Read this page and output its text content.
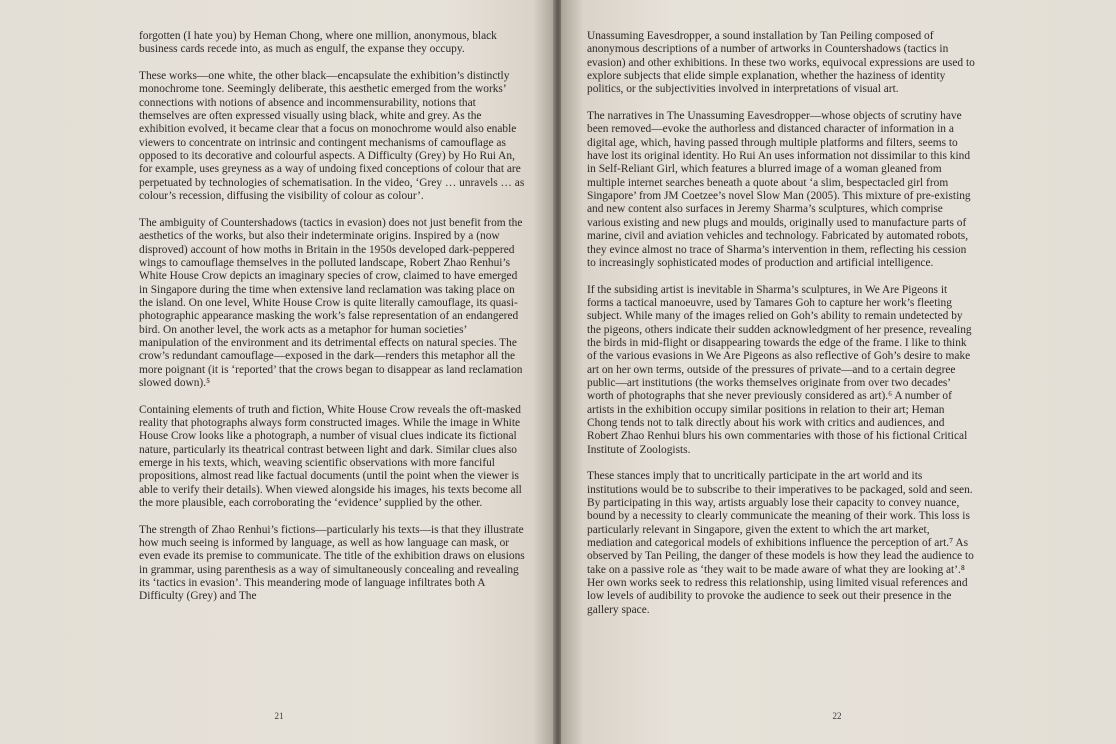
forgotten (I hate you) by Heman Chong, where one million, anonymous, black business cards recede into, as much as engulf, the expanse they occupy.

These works—one white, the other black—encapsulate the exhibition’s distinctly monochrome tone. Seemingly deliberate, this aesthetic emerged from the works’ connections with notions of absence and incommensurability, notions that themselves are often expressed visually using black, white and grey. As the exhibition evolved, it became clear that a focus on monochrome would also enable viewers to concentrate on intrinsic and contingent mechanisms of camouflage as opposed to its decorative and colourful aspects. A Difficulty (Grey) by Ho Rui An, for example, uses greyness as a way of undoing fixed conceptions of colour that are perpetuated by technologies of schematisation. In the video, ‘Grey … unravels … as colour’s recession, diffusing the visibility of colour as colour’.

The ambiguity of Countershadows (tactics in evasion) does not just benefit from the aesthetics of the works, but also their indeterminate origins. Inspired by a (now disproved) account of how moths in Britain in the 1950s developed dark-peppered wings to camouflage themselves in the polluted landscape, Robert Zhao Renhui’s White House Crow depicts an imaginary species of crow, claimed to have emerged in Singapore during the time when extensive land reclamation was taking place on the island. On one level, White House Crow is quite literally camouflage, its quasi-photographic appearance masking the work’s false representation of an endangered bird. On another level, the work acts as a metaphor for human societies’ manipulation of the environment and its detrimental effects on natural species. The crow’s redundant camouflage—exposed in the dark—renders this metaphor all the more poignant (it is ‘reported’ that the crows began to disappear as land reclamation slowed down).⁵

Containing elements of truth and fiction, White House Crow reveals the oft-masked reality that photographs always form constructed images. While the image in White House Crow looks like a photograph, a number of visual clues indicate its fictional nature, particularly its theatrical contrast between light and dark. Similar clues also emerge in his texts, which, weaving scientific observations with more fanciful propositions, almost read like factual documents (until the point when the viewer is able to verify their details). When viewed alongside his images, his texts become all the more plausible, each corroborating the ‘evidence’ supplied by the other.

The strength of Zhao Renhui’s fictions—particularly his texts—is that they illustrate how much seeing is informed by language, as well as how language can mask, or even evade its premise to communicate. The title of the exhibition draws on elusions in grammar, using parenthesis as a way of simultaneously concealing and revealing its ‘tactics in evasion’. This meandering mode of language infiltrates both A Difficulty (Grey) and The

21

Unassuming Eavesdropper, a sound installation by Tan Peiling composed of anonymous descriptions of a number of artworks in Countershadows (tactics in evasion) and other exhibitions. In these two works, equivocal expressions are used to explore subjects that elide simple explanation, whether the haziness of identity politics, or the subjectivities involved in interpretations of visual art.

The narratives in The Unassuming Eavesdropper—whose objects of scrutiny have been removed—evoke the authorless and distanced character of information in a digital age, which, having passed through multiple platforms and filters, seems to have lost its original identity. Ho Rui An uses information not dissimilar to this kind in Self-Reliant Girl, which features a blurred image of a woman gleaned from multiple internet searches beneath a quote about ‘a slim, bespectacled girl from Singapore’ from JM Coetzee’s novel Slow Man (2005). This mixture of pre-existing and new content also surfaces in Jeremy Sharma’s sculptures, which comprise various existing and new plugs and moulds, originally used to manufacture parts of marine, civil and aviation vehicles and technology. Fabricated by automated robots, they evince almost no trace of Sharma’s intervention in them, reflecting his cession to increasingly sophisticated modes of production and artificial intelligence.

If the subsiding artist is inevitable in Sharma’s sculptures, in We Are Pigeons it forms a tactical manoeuvre, used by Tamares Goh to capture her work’s fleeting subject. While many of the images relied on Goh’s ability to remain undetected by the pigeons, others indicate their sudden acknowledgment of her presence, revealing the birds in mid-flight or disappearing towards the edge of the frame. I like to think of the various evasions in We Are Pigeons as also reflective of Goh’s desire to make art on her own terms, outside of the pressures of private—and to a certain degree public—art institutions (the works themselves originate from over two decades’ worth of photographs that she never previously considered as art).⁶ A number of artists in the exhibition occupy similar positions in relation to their art; Heman Chong tends not to talk directly about his work with critics and audiences, and Robert Zhao Renhui blurs his own commentaries with those of his fictional Critical Institute of Zoologists.

These stances imply that to uncritically participate in the art world and its institutions would be to subscribe to their imperatives to be packaged, sold and seen. By participating in this way, artists arguably lose their capacity to convey nuance, bound by a necessity to clearly communicate the meaning of their work. This loss is particularly relevant in Singapore, given the extent to which the art market, mediation and categorical models of exhibitions influence the perception of art.⁷ As observed by Tan Peiling, the danger of these models is how they lead the audience to take on a passive role as ‘they wait to be made aware of what they are looking at’.⁸ Her own works seek to redress this relationship, using limited visual references and low levels of audibility to provoke the audience to seek out their presence in the gallery space.

22
